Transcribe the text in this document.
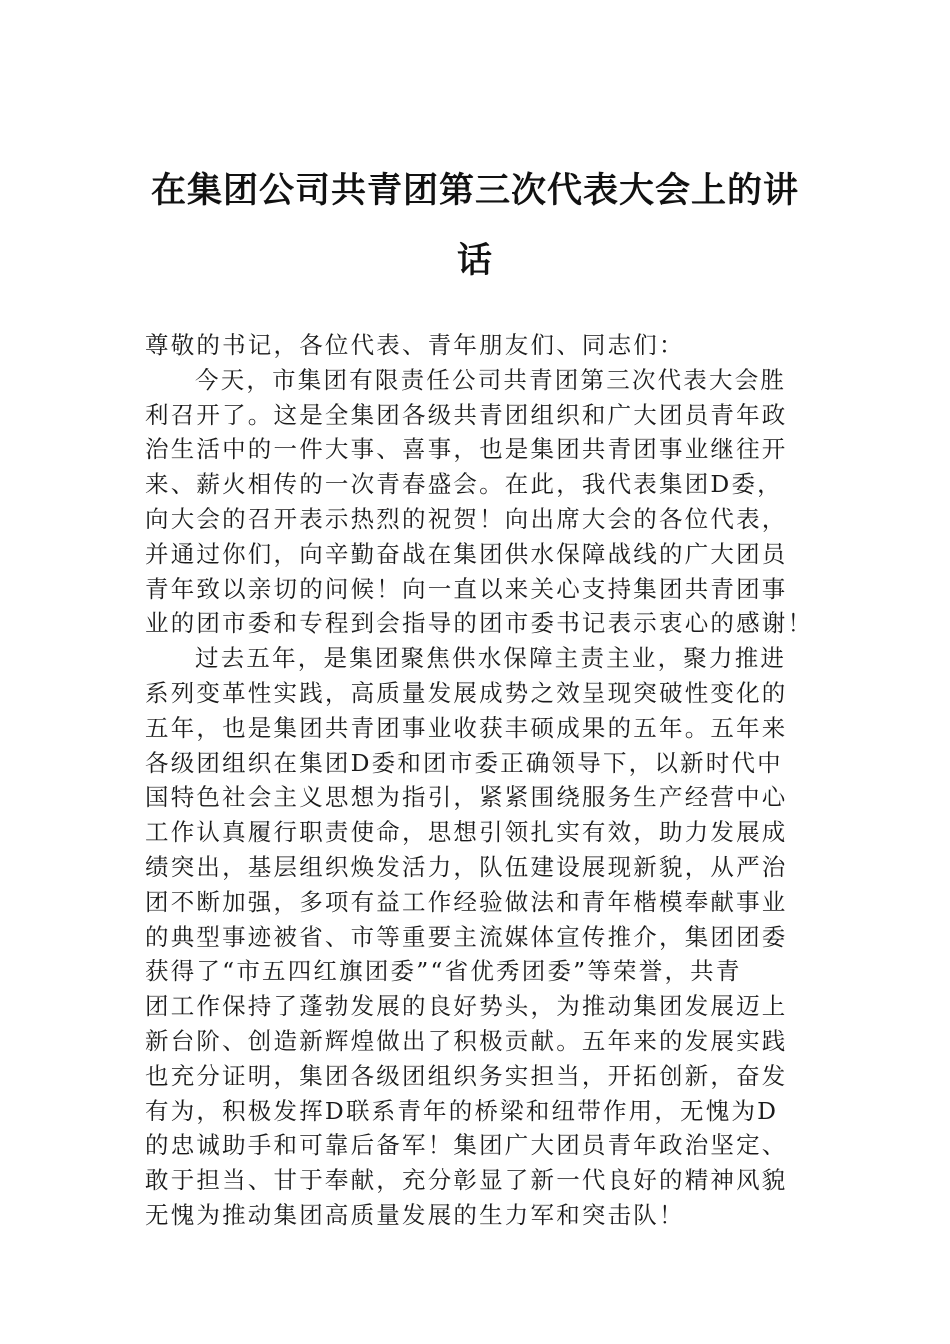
在集团公司共青团第三次代表大会上的讲
话
尊敬的书记，各位代表、青年朋友们、同志们：
今天，市集团有限责任公司共青团第三次代表大会胜
利召开了。这是全集团各级共青团组织和广大团员青年政
治生活中的一件大事、喜事，也是集团共青团事业继往开
来、薪火相传的一次青春盛会。在此，我代表集团D委，
向大会的召开表示热烈的祝贺！向出席大会的各位代表，
并通过你们，向辛勤奋战在集团供水保障战线的广大团员
青年致以亲切的问候！向一直以来关心支持集团共青团事
业的团市委和专程到会指导的团市委书记表示衷心的感谢！
过去五年，是集团聚焦供水保障主责主业，聚力推进
系列变革性实践，高质量发展成势之效呈现突破性变化的
五年，也是集团共青团事业收获丰硕成果的五年。五年来
各级团组织在集团D委和团市委正确领导下，以新时代中
国特色社会主义思想为指引，紧紧围绕服务生产经营中心
工作认真履行职责使命，思想引领扎实有效，助力发展成
绩突出，基层组织焕发活力，队伍建设展现新貌，从严治
团不断加强，多项有益工作经验做法和青年楷模奉献事业
的典型事迹被省、市等重要主流媒体宣传推介，集团团委
获得了“市五四红旗团委”“省优秀团委”等荣誉，共青
团工作保持了蓬勃发展的良好势头，为推动集团发展迈上
新台阶、创造新辉煌做出了积极贡献。五年来的发展实践
也充分证明，集团各级团组织务实担当，开拓创新，奋发
有为，积极发挥D联系青年的桥梁和纽带作用，无愧为D
的忠诚助手和可靠后备军！集团广大团员青年政治坚定、
敢于担当、甘于奉献，充分彰显了新一代良好的精神风貌
无愧为推动集团高质量发展的生力军和突击队！
